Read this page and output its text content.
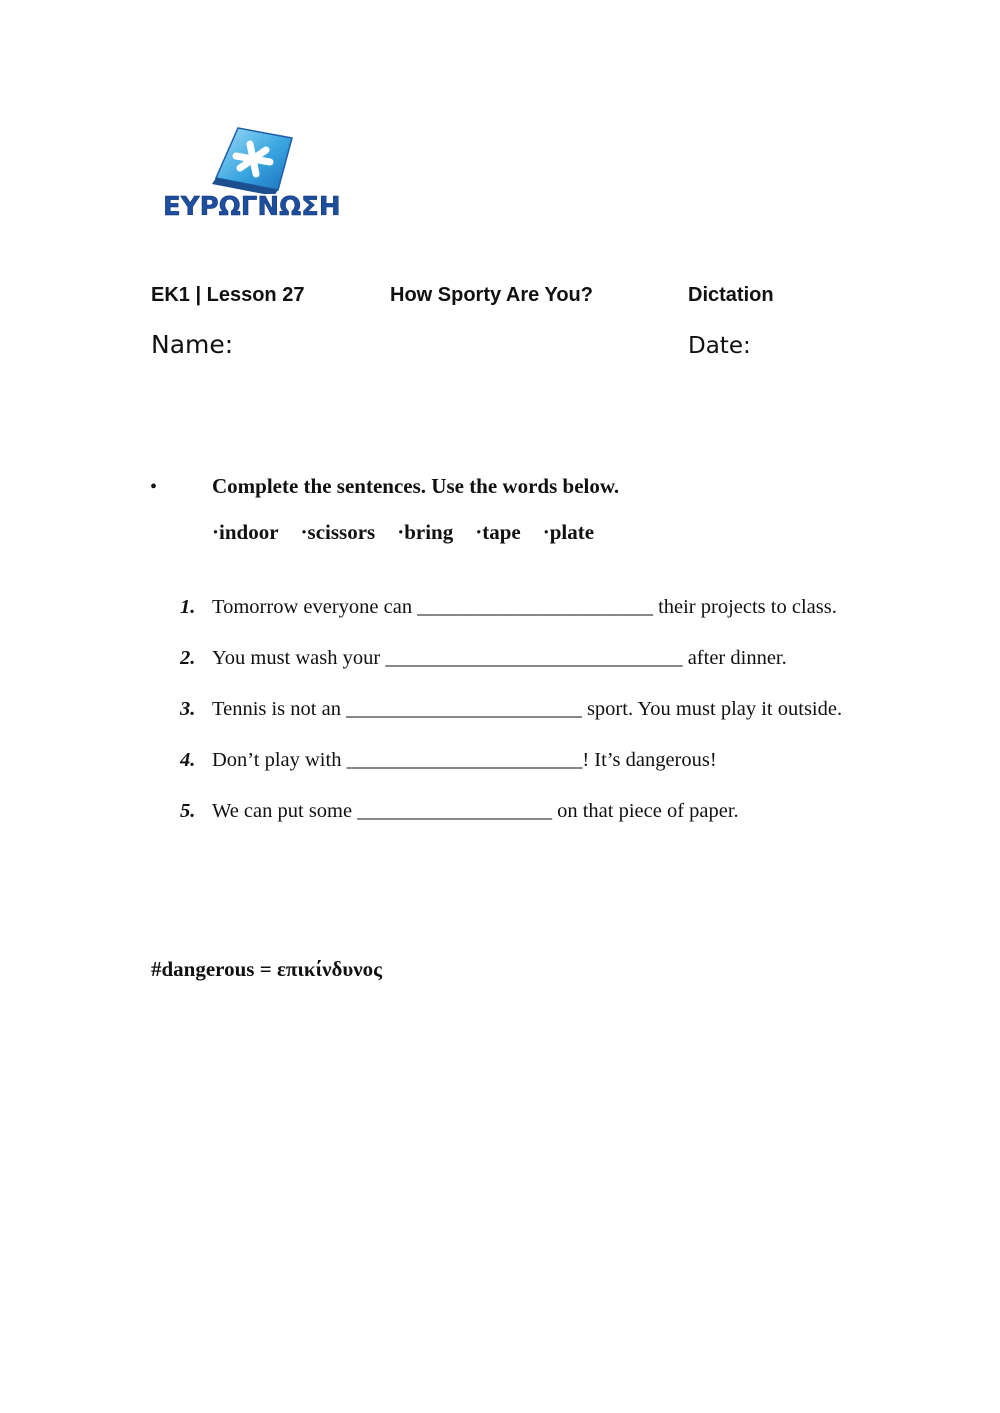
ΕΥΡΩΓΝΩΣΗ
EK1 | Lesson 27	How Sporty Are You?	Dictation
Name:	Date:
•	Complete the sentences. Use the words below.
·indoor ·scissors ·bring ·tape ·plate
1. Tomorrow everyone can _______________________ their projects to class.
2. You must wash your _____________________________ after dinner.
3. Tennis is not an _______________________ sport. You must play it outside.
4. Don’t play with _______________________! It’s dangerous!
5. We can put some ___________________ on that piece of paper.
#dangerous = επικίνδυνος
